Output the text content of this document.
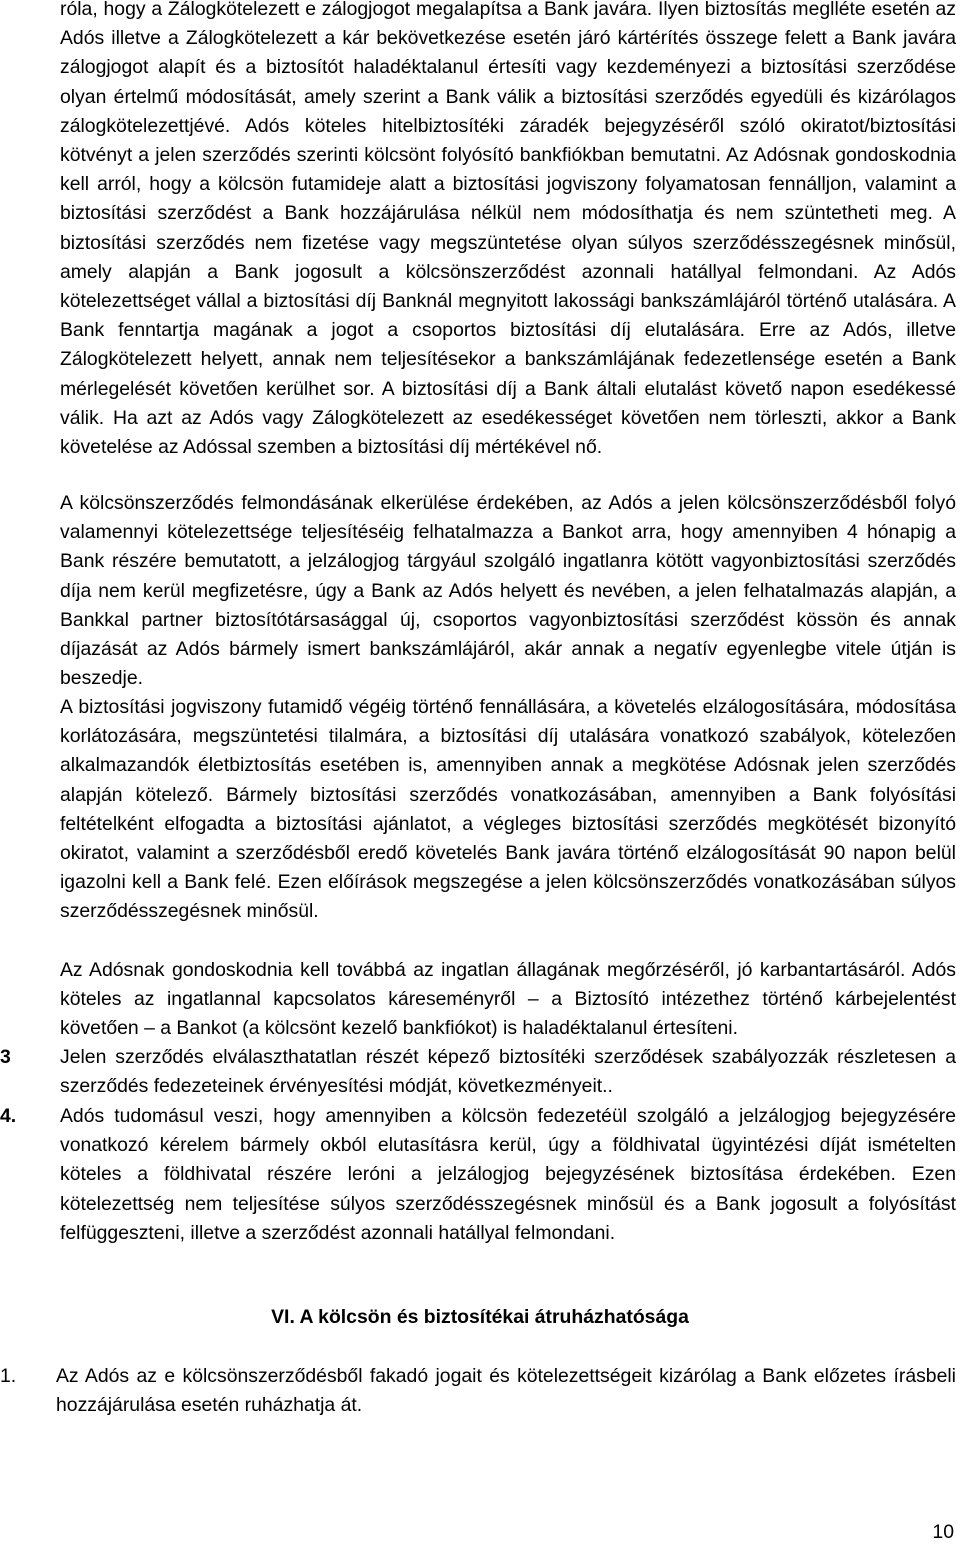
róla, hogy a Zálogkötelezett e zálogjogot megalapítsa a Bank javára. Ilyen biztosítás meglléte esetén az Adós illetve a Zálogkötelezett a kár bekövetkezése esetén járó kártérítés összege felett a Bank javára zálogjogot alapít és a biztosítót haladéktalanul értesíti vagy kezdeményezi a biztosítási szerződése olyan értelmű módosítását, amely szerint a Bank válik a biztosítási szerződés egyedüli és kizárólagos zálogkötelezettjévé. Adós köteles hitelbiztosítéki záradék bejegyzéséről szóló okiratot/biztosítási kötvényt a jelen szerződés szerinti kölcsönt folyósító bankfiókban bemutatni. Az Adósnak gondoskodnia kell arról, hogy a kölcsön futamideje alatt a biztosítási jogviszony folyamatosan fennálljon, valamint a biztosítási szerződést a Bank hozzájárulása nélkül nem módosíthatja és nem szüntetheti meg. A biztosítási szerződés nem fizetése vagy megszüntetése olyan súlyos szerződésszegésnek minősül, amely alapján a Bank jogosult a kölcsönszerződést azonnali hatállyal felmondani. Az Adós kötelezettséget vállal a biztosítási díj Banknál megnyitott lakossági bankszámlájáról történő utalására. A Bank fenntartja magának a jogot a csoportos biztosítási díj elutalására. Erre az Adós, illetve Zálogkötelezett helyett, annak nem teljesítésekor a bankszámlájának fedezetlensége esetén a Bank mérlegelését követően kerülhet sor. A biztosítási díj a Bank általi elutalást követő napon esedékessé válik. Ha azt az Adós vagy Zálogkötelezett az esedékességet követően nem törleszti, akkor a Bank követelése az Adóssal szemben a biztosítási díj mértékével nő.
A kölcsönszerződés felmondásának elkerülése érdekében, az Adós a jelen kölcsönszerződésből folyó valamennyi kötelezettsége teljesítéséig felhatalmazza a Bankot arra, hogy amennyiben 4 hónapig a Bank részére bemutatott, a jelzálogjog tárgyául szolgáló ingatlanra kötött vagyonbiztosítási szerződés díja nem kerül megfizetésre, úgy a Bank az Adós helyett és nevében, a jelen felhatalmazás alapján, a Bankkal partner biztosítótársasággal új, csoportos vagyonbiztosítási szerződést kössön és annak díjazását az Adós bármely ismert bankszámlájáról, akár annak a negatív egyenlegbe vitele útján is beszedje.
A biztosítási jogviszony futamidő végéig történő fennállására, a követelés elzálogosítására, módosítása korlátozására, megszüntetési tilalmára, a biztosítási díj utalására vonatkozó szabályok, kötelezően alkalmazandók életbiztosítás esetében is, amennyiben annak a megkötése Adósnak jelen szerződés alapján kötelező. Bármely biztosítási szerződés vonatkozásában, amennyiben a Bank folyósítási feltételként elfogadta a biztosítási ajánlatot, a végleges biztosítási szerződés megkötését bizonyító okiratot, valamint a szerződésből eredő követelés Bank javára történő elzálogosítását 90 napon belül igazolni kell a Bank felé. Ezen előírások megszegése a jelen kölcsönszerződés vonatkozásában súlyos szerződésszegésnek minősül.
Az Adósnak gondoskodnia kell továbbá az ingatlan állagának megőrzéséről, jó karbantartásáról. Adós köteles az ingatlannal kapcsolatos káreseményről – a Biztosító intézethez történő kárbejelentést követően – a Bankot (a kölcsönt kezelő bankfiókot) is haladéktalanul értesíteni.
3	Jelen szerződés elválaszthatatlan részét képező biztosítéki szerződések szabályozzák részletesen a szerződés fedezeteinek érvényesítési módját, következményeit..
4. Adós tudomásul veszi, hogy amennyiben a kölcsön fedezetéül szolgáló a jelzálogjog bejegyzésére vonatkozó kérelem bármely okból elutasításra kerül, úgy a földhivatal ügyintézési díját ismételten köteles a földhivatal részére leróni a jelzálogjog bejegyzésének biztosítása érdekében. Ezen kötelezettség nem teljesítése súlyos szerződésszegésnek minősül és a Bank jogosult a folyósítást felfüggeszteni, illetve a szerződést azonnali hatállyal felmondani.
VI. A kölcsön és biztosítékai átruházhatósága
1. Az Adós az e kölcsönszerződésből fakadó jogait és kötelezettségeit kizárólag a Bank előzetes írásbeli hozzájárulása esetén ruházhatja át.
10
